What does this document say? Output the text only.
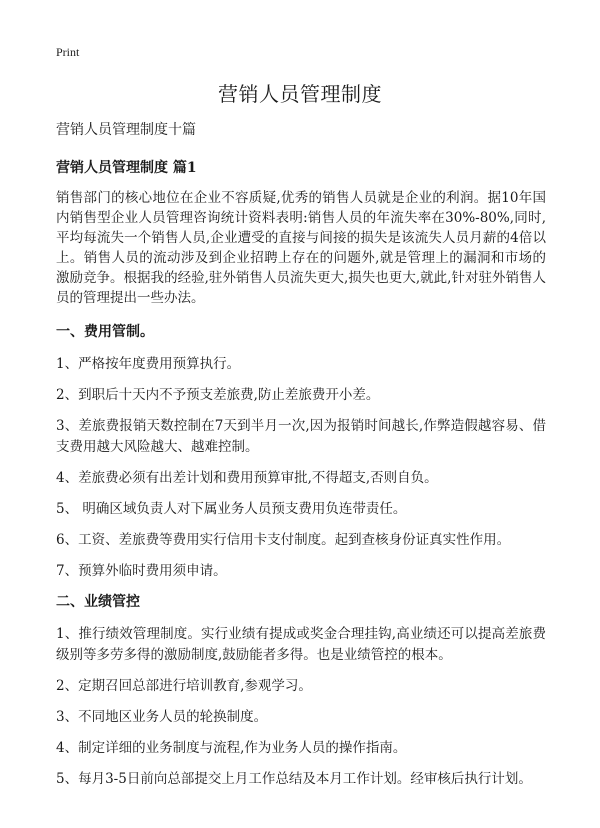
Print
营销人员管理制度
营销人员管理制度十篇
营销人员管理制度 篇1

销售部门的核心地位在企业不容质疑,优秀的销售人员就是企业的利润。据10年国内销售型企业人员管理咨询统计资料表明:销售人员的年流失率在30%-80%,同时,平均每流失一个销售人员,企业遭受的直接与间接的损失是该流失人员月薪的4倍以上。销售人员的流动涉及到企业招聘上存在的问题外,就是管理上的漏洞和市场的激励竞争。根据我的经验,驻外销售人员流失更大,损失也更大,就此,针对驻外销售人员的管理提出一些办法。

一、费用管制。

1、严格按年度费用预算执行。

2、到职后十天内不予预支差旅费,防止差旅费开小差。

3、差旅费报销天数控制在7天到半月一次,因为报销时间越长,作弊造假越容易、借支费用越大风险越大、越难控制。

4、差旅费必须有出差计划和费用预算审批,不得超支,否则自负。

5、 明确区域负责人对下属业务人员预支费用负连带责任。

6、工资、差旅费等费用实行信用卡支付制度。起到查核身份证真实性作用。

7、预算外临时费用须申请。

二、业绩管控

1、推行绩效管理制度。实行业绩有提成或奖金合理挂钩,高业绩还可以提高差旅费级别等多劳多得的激励制度,鼓励能者多得。也是业绩管控的根本。

2、定期召回总部进行培训教育,参观学习。

3、不同地区业务人员的轮换制度。

4、制定详细的业务制度与流程,作为业务人员的操作指南。

5、每月3-5日前向总部提交上月工作总结及本月工作计划。经审核后执行计划。
